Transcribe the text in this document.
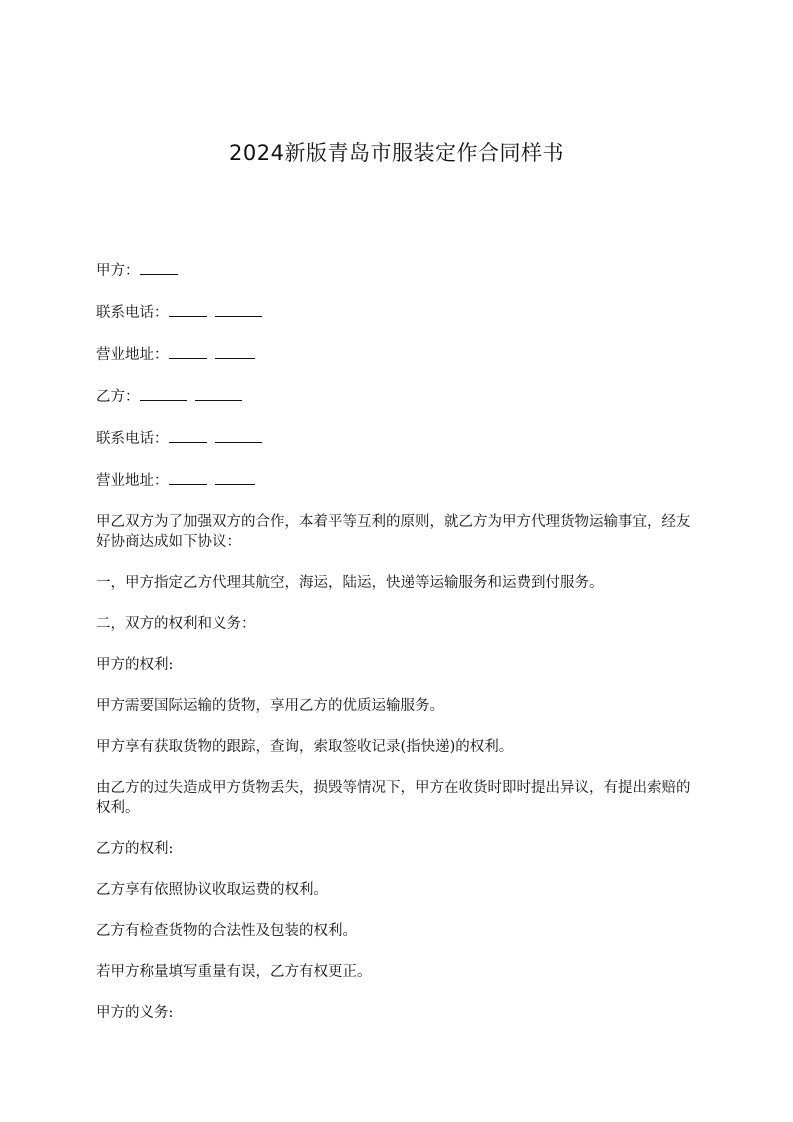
2024新版青岛市服装定作合同样书
甲方：
联系电话：
营业地址：
乙方：
联系电话：
营业地址：
甲乙双方为了加强双方的合作，本着平等互利的原则，就乙方为甲方代理货物运输事宜，经友好协商达成如下协议：
一，甲方指定乙方代理其航空，海运，陆运，快递等运输服务和运费到付服务。
二，双方的权利和义务：
甲方的权利:
甲方需要国际运输的货物，享用乙方的优质运输服务。
甲方享有获取货物的跟踪，查询，索取签收记录(指快递)的权利。
由乙方的过失造成甲方货物丢失，损毁等情况下，甲方在收货时即时提出异议，有提出索赔的权利。
乙方的权利:
乙方享有依照协议收取运费的权利。
乙方有检查货物的合法性及包装的权利。
若甲方称量填写重量有误，乙方有权更正。
甲方的义务:
